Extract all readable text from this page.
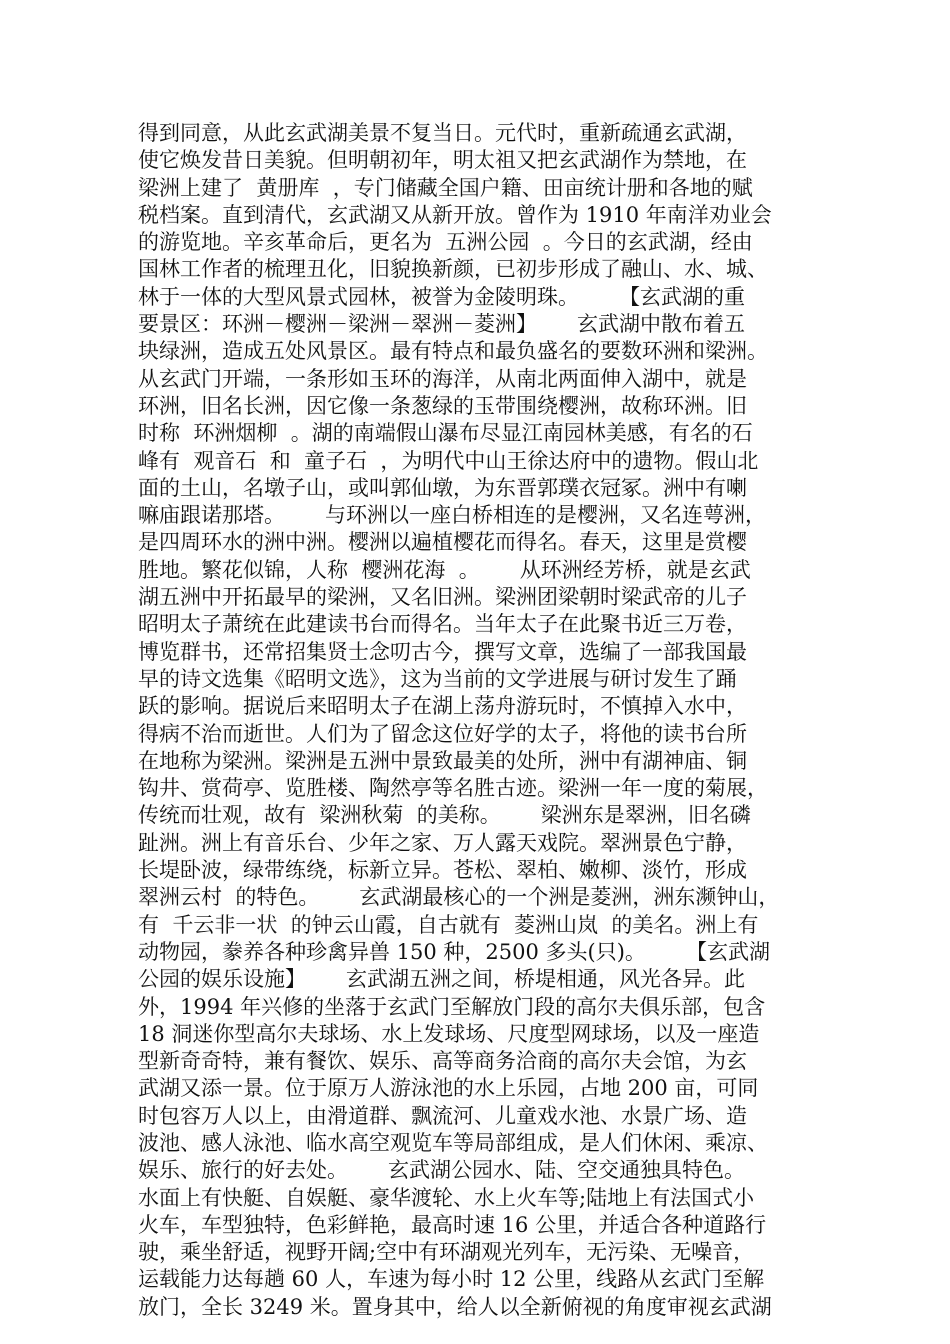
得到同意，从此玄武湖美景不复当日。元代时，重新疏通玄武湖，
使它焕发昔日美貌。但明朝初年，明太祖又把玄武湖作为禁地，在
梁洲上建了  黄册库  ，专门储藏全国户籍、田亩统计册和各地的赋
税档案。直到清代，玄武湖又从新开放。曾作为 1910 年南洋劝业会
的游览地。辛亥革命后，更名为  五洲公园  。今日的玄武湖，经由
国林工作者的梳理丑化，旧貌换新颜，已初步形成了融山、水、城、
林于一体的大型风景式园林，被誉为金陵明珠。      【玄武湖的重
要景区：环洲－樱洲－梁洲－翠洲－菱洲】      玄武湖中散布着五
块绿洲，造成五处风景区。最有特点和最负盛名的要数环洲和梁洲。
从玄武门开端，一条形如玉环的海洋，从南北两面伸入湖中，就是
环洲，旧名长洲，因它像一条葱绿的玉带围绕樱洲，故称环洲。旧
时称  环洲烟柳  。湖的南端假山瀑布尽显江南园林美感，有名的石
峰有  观音石  和  童子石  ，为明代中山王徐达府中的遗物。假山北
面的土山，名墩子山，或叫郭仙墩，为东晋郭璞衣冠冢。洲中有喇
嘛庙跟诺那塔。      与环洲以一座白桥相连的是樱洲，又名连萼洲，
是四周环水的洲中洲。樱洲以遍植樱花而得名。春天，这里是赏樱
胜地。繁花似锦，人称  樱洲花海  。      从环洲经芳桥，就是玄武
湖五洲中开拓最早的梁洲，又名旧洲。梁洲团梁朝时梁武帝的儿子
昭明太子萧统在此建读书台而得名。当年太子在此聚书近三万卷，
博览群书，还常招集贤士念叨古今，撰写文章，选编了一部我国最
早的诗文选集《昭明文选》，这为当前的文学进展与研讨发生了踊
跃的影响。据说后来昭明太子在湖上荡舟游玩时，不慎掉入水中，
得病不治而逝世。人们为了留念这位好学的太子，将他的读书台所
在地称为梁洲。梁洲是五洲中景致最美的处所，洲中有湖神庙、铜
钩井、赏荷亭、览胜楼、陶然亭等名胜古迹。梁洲一年一度的菊展，
传统而壮观，故有  梁洲秋菊  的美称。      梁洲东是翠洲，旧名磷
趾洲。洲上有音乐台、少年之家、万人露天戏院。翠洲景色宁静，
长堤卧波，绿带练绕，标新立异。苍松、翠柏、嫩柳、淡竹，形成
翠洲云村  的特色。      玄武湖最核心的一个洲是菱洲，洲东濒钟山，
有  千云非一状  的钟云山霞，自古就有  菱洲山岚  的美名。洲上有
动物园，豢养各种珍禽异兽 150 种，2500 多头(只)。      【玄武湖
公园的娱乐设施】      玄武湖五洲之间，桥堤相通，风光各异。此
外，1994 年兴修的坐落于玄武门至解放门段的高尔夫俱乐部，包含
18 洞迷你型高尔夫球场、水上发球场、尺度型网球场，以及一座造
型新奇奇特，兼有餐饮、娱乐、高等商务洽商的高尔夫会馆，为玄
武湖又添一景。位于原万人游泳池的水上乐园，占地 200 亩，可同
时包容万人以上，由滑道群、飘流河、儿童戏水池、水景广场、造
波池、感人泳池、临水高空观览车等局部组成，是人们休闲、乘凉、
娱乐、旅行的好去处。      玄武湖公园水、陆、空交通独具特色。
水面上有快艇、自娱艇、豪华渡轮、水上火车等;陆地上有法国式小
火车，车型独特，色彩鲜艳，最高时速 16 公里，并适合各种道路行
驶，乘坐舒适，视野开阔;空中有环湖观光列车，无污染、无噪音，
运载能力达每趟 60 人，车速为每小时 12 公里，线路从玄武门至解
放门，全长 3249 米。置身其中，给人以全新俯视的角度审视玄武湖
